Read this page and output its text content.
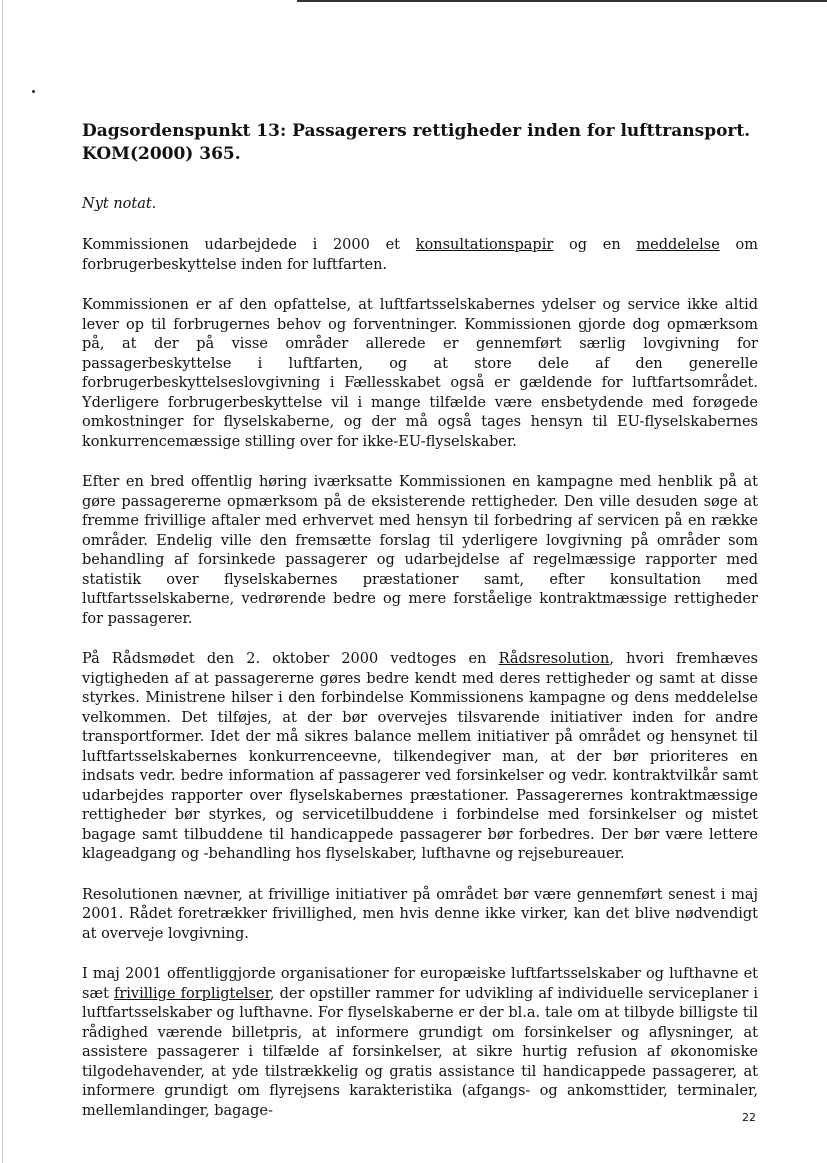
Dagsordenspunkt 13: Passagerers rettigheder inden for lufttransport.
KOM(2000) 365.
Nyt notat.

Kommissionen udarbejdede i 2000 et konsultationspapir og en meddelelse om forbrugerbeskyttelse inden for luftfarten.

Kommissionen er af den opfattelse, at luftfartsselskabernes ydelser og service ikke altid lever op til forbrugernes behov og forventninger. Kommissionen gjorde dog opmærksom på, at der på visse områder allerede er gennemført særlig lovgivning for passagerbeskyttelse i luftfarten, og at store dele af den generelle forbrugerbeskyttelseslovgivning i Fællesskabet også er gældende for luftfartsområdet. Yderligere forbrugerbeskyttelse vil i mange tilfælde være ensbetydende med forøgede omkostninger for flyselskaberne, og der må også tages hensyn til EU-flyselskabernes konkurrencemæssige stilling over for ikke-EU-flyselskaber.

Efter en bred offentlig høring iværksatte Kommissionen en kampagne med henblik på at gøre passagererne opmærksom på de eksisterende rettigheder. Den ville desuden søge at fremme frivillige aftaler med erhvervet med hensyn til forbedring af servicen på en række områder. Endelig ville den fremsætte forslag til yderligere lovgivning på områder som behandling af forsinkede passagerer og udarbejdelse af regelmæssige rapporter med statistik over flyselskabernes præstationer samt, efter konsultation med luftfartsselskaberne, vedrørende bedre og mere forståelige kontraktmæssige rettigheder for passagerer.

På Rådsmødet den 2. oktober 2000 vedtoges en Rådsresolution, hvori fremhæves vigtigheden af at passagererne gøres bedre kendt med deres rettigheder og samt at disse styrkes. Ministrene hilser i den forbindelse Kommissionens kampagne og dens meddelelse velkommen. Det tilføjes, at der bør overvejes tilsvarende initiativer inden for andre transportformer. Idet der må sikres balance mellem initiativer på området og hensynet til luftfartsselskabernes konkurrenceevne, tilkendegiver man, at der bør prioriteres en indsats vedr. bedre information af passagerer ved forsinkelser og vedr. kontraktvilkår samt udarbejdes rapporter over flyselskabernes præstationer. Passagerernes kontraktmæssige rettigheder bør styrkes, og servicetilbuddene i forbindelse med forsinkelser og mistet bagage samt tilbuddene til handicappede passagerer bør forbedres. Der bør være lettere klageadgang og -behandling hos flyselskaber, lufthavne og rejsebureauer.

Resolutionen nævner, at frivillige initiativer på området bør være gennemført senest i maj 2001. Rådet foretrækker frivillighed, men hvis denne ikke virker, kan det blive nødvendigt at overveje lovgivning.

I maj 2001 offentliggjorde organisationer for europæiske luftfartsselskaber og lufthavne et sæt frivillige forpligtelser, der opstiller rammer for udvikling af individuelle serviceplaner i luftfartsselskaber og lufthavne. For flyselskaberne er der bl.a. tale om at tilbyde billigste til rådighed værende billetpris, at informere grundigt om forsinkelser og aflysninger, at assistere passagerer i tilfælde af forsinkelser, at sikre hurtig refusion af økonomiske tilgodehavender, at yde tilstrækkelig og gratis assistance til handicappede passagerer, at informere grundigt om flyrejsens karakteristika (afgangs- og ankomsttider, terminaler, mellemlandinger, bagage-	22
